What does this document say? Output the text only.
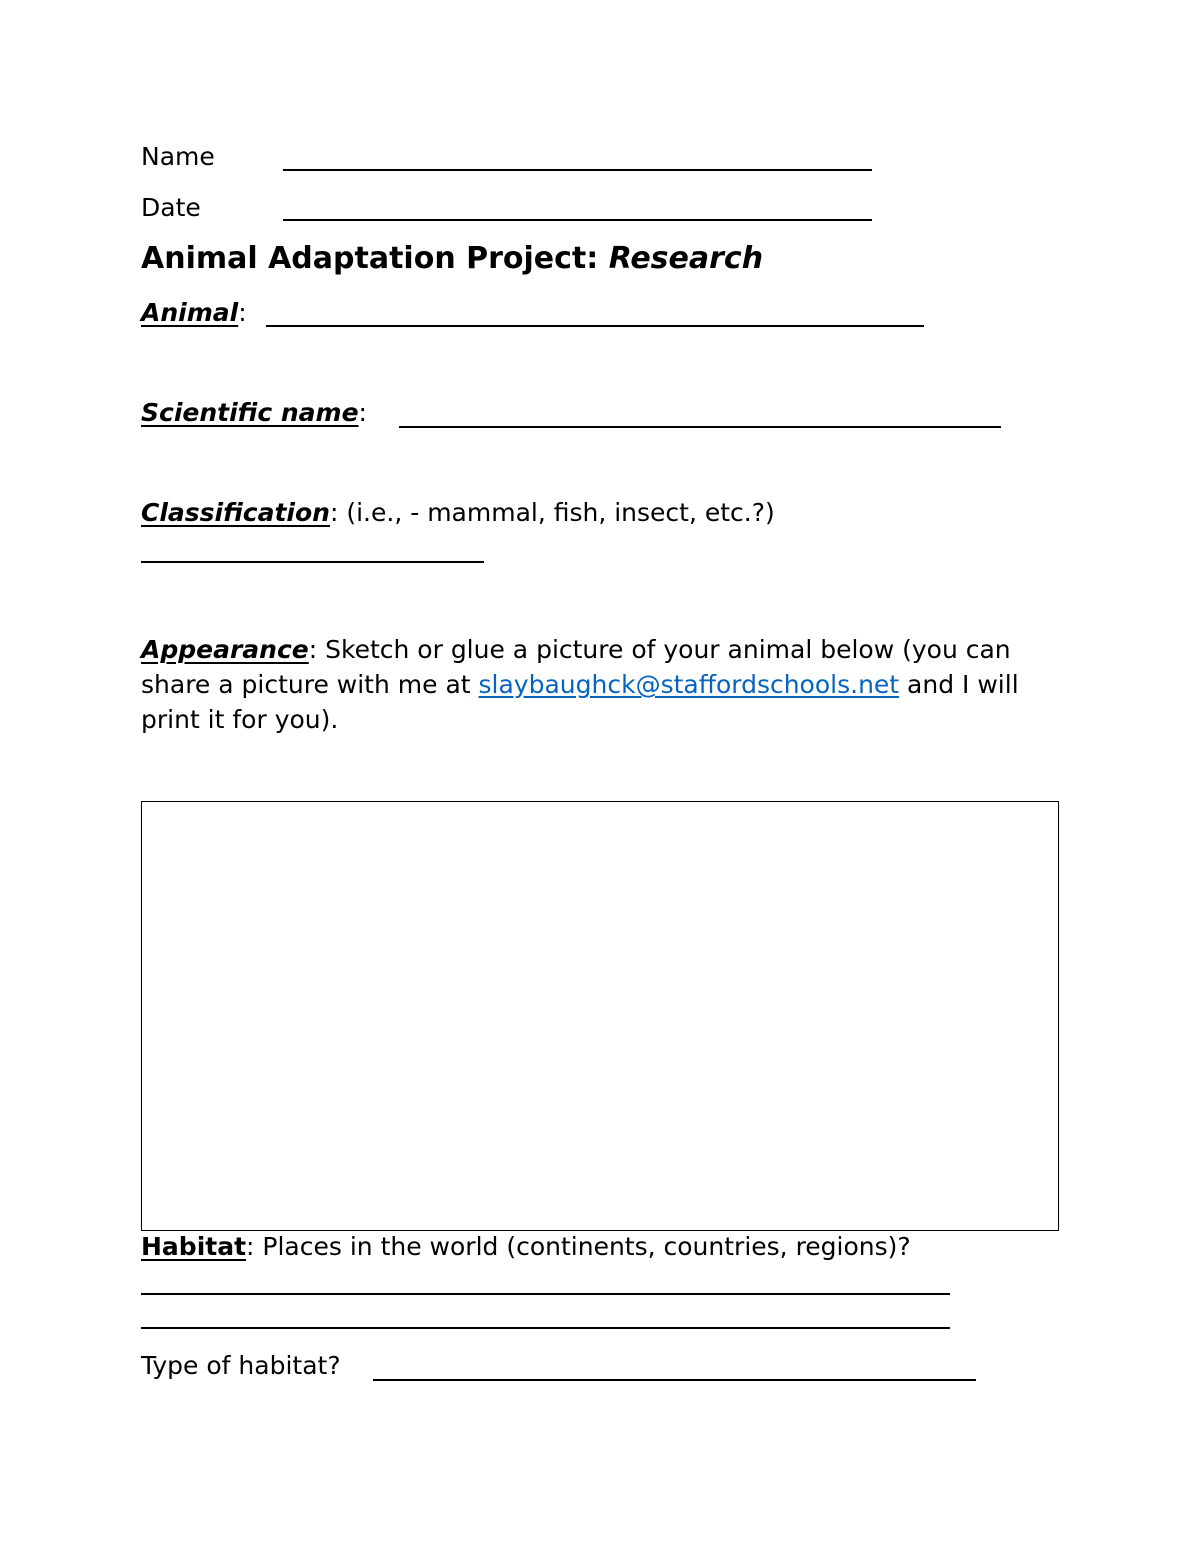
Name
Date
Animal Adaptation Project: Research
Animal:
Scientific name:
Classification: (i.e., - mammal, fish, insect, etc.?)
Appearance: Sketch or glue a picture of your animal below (you can share a picture with me at slaybaughck@staffordschools.net and I will print it for you).
Habitat: Places in the world (continents, countries, regions)?
Type of habitat?
